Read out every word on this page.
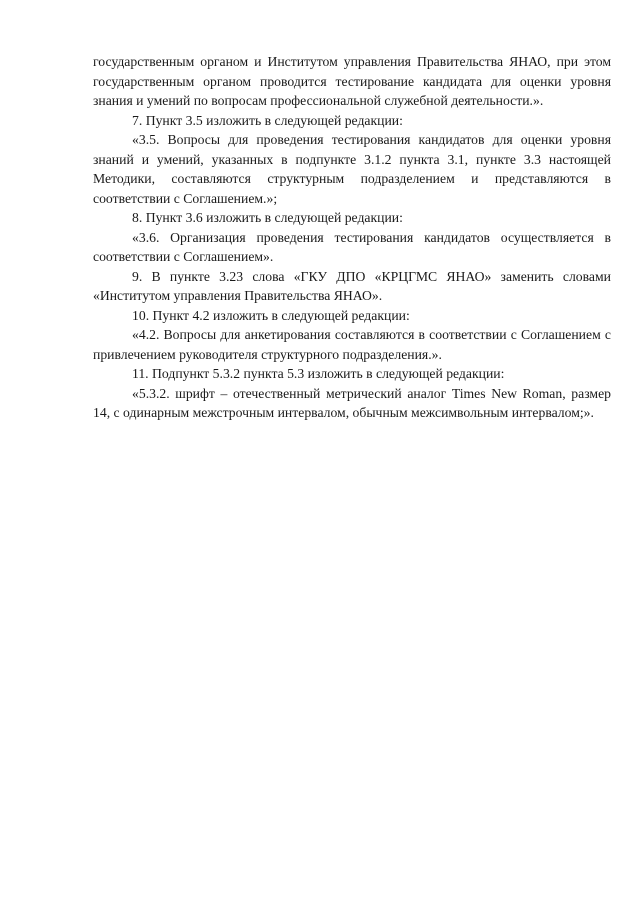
государственным органом и Институтом управления Правительства ЯНАО, при этом государственным органом проводится тестирование кандидата для оценки уровня знания и умений по вопросам профессиональной служебной деятельности.».

7. Пункт 3.5 изложить в следующей редакции:

«3.5. Вопросы для проведения тестирования кандидатов для оценки уровня знаний и умений, указанных в подпункте 3.1.2 пункта 3.1, пункте 3.3 настоящей Методики, составляются структурным подразделением и представляются в соответствии с Соглашением.»;

8. Пункт 3.6 изложить в следующей редакции:

«3.6. Организация проведения тестирования кандидатов осуществляется в соответствии с Соглашением».

9. В пункте 3.23 слова «ГКУ ДПО «КРЦГМС ЯНАО» заменить словами «Институтом управления Правительства ЯНАО».

10. Пункт 4.2 изложить в следующей редакции:

«4.2. Вопросы для анкетирования составляются в соответствии с Соглашением с привлечением руководителя структурного подразделения.».

11. Подпункт 5.3.2 пункта 5.3 изложить в следующей редакции:

«5.3.2. шрифт – отечественный метрический аналог Times New Roman, размер 14, с одинарным межстрочным интервалом, обычным межсимвольным интервалом;».
